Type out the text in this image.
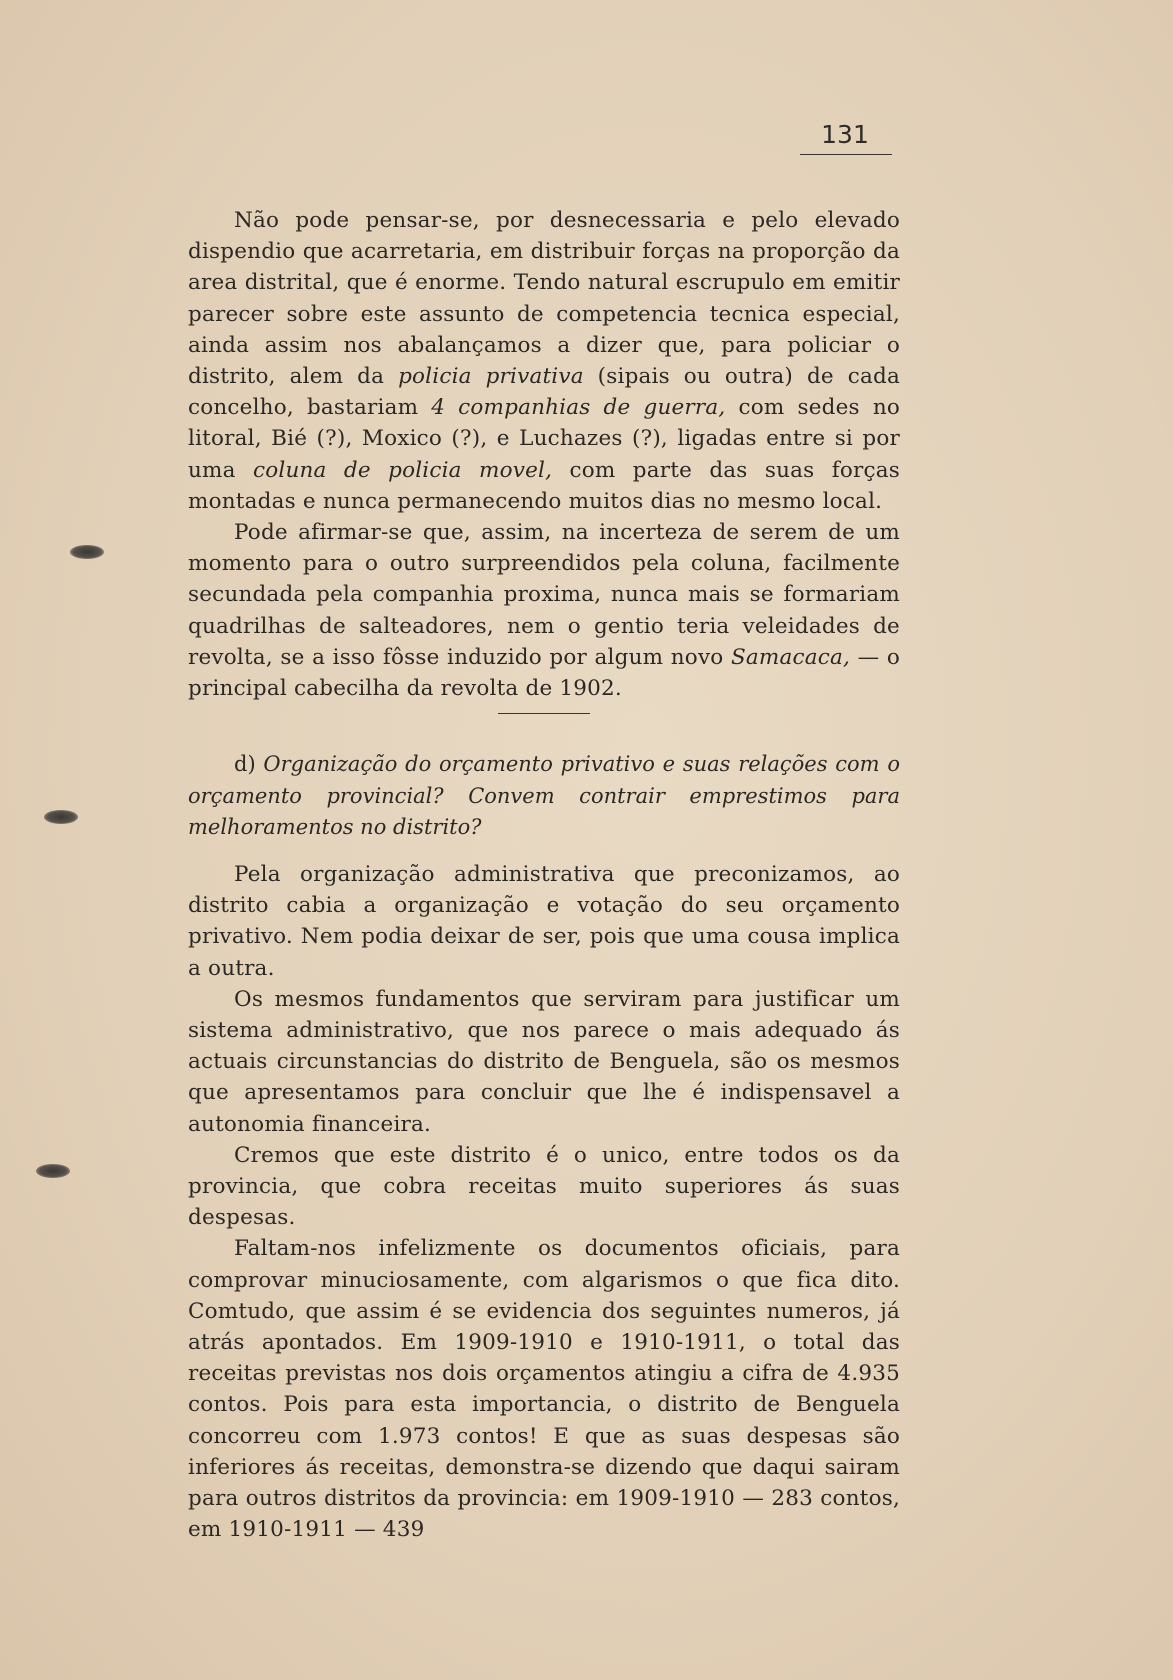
131

Não pode pensar-se, por desnecessaria e pelo elevado dispendio que acarretaria, em distribuir forças na proporção da area distrital, que é enorme. Tendo natural escrupulo em emitir parecer sobre este assunto de competencia tecnica especial, ainda assim nos abalançamos a dizer que, para policiar o distrito, alem da policia privativa (sipais ou outra) de cada concelho, bastariam 4 companhias de guerra, com sedes no litoral, Bié (?), Moxico (?), e Luchazes (?), ligadas entre si por uma coluna de policia movel, com parte das suas forças montadas e nunca permanecendo muitos dias no mesmo local.

Pode afirmar-se que, assim, na incerteza de serem de um momento para o outro surpreendidos pela coluna, facilmente secundada pela companhia proxima, nunca mais se formariam quadrilhas de salteadores, nem o gentio teria veleidades de revolta, se a isso fôsse induzido por algum novo Samacaca, — o principal cabecilha da revolta de 1902.

d) Organização do orçamento privativo e suas relações com o orçamento provincial? Convem contrair emprestimos para melhoramentos no distrito?

Pela organização administrativa que preconizamos, ao distrito cabia a organização e votação do seu orçamento privativo. Nem podia deixar de ser, pois que uma cousa implica a outra.

Os mesmos fundamentos que serviram para justificar um sistema administrativo, que nos parece o mais adequado ás actuais circunstancias do distrito de Benguela, são os mesmos que apresentamos para concluir que lhe é indispensavel a autonomia financeira.

Cremos que este distrito é o unico, entre todos os da provincia, que cobra receitas muito superiores ás suas despesas.

Faltam-nos infelizmente os documentos oficiais, para comprovar minuciosamente, com algarismos o que fica dito. Comtudo, que assim é se evidencia dos seguintes numeros, já atrás apontados. Em 1909-1910 e 1910-1911, o total das receitas previstas nos dois orçamentos atingiu a cifra de 4.935 contos. Pois para esta importancia, o distrito de Benguela concorreu com 1.973 contos! E que as suas despesas são inferiores ás receitas, demonstra-se dizendo que daqui sairam para outros distritos da provincia: em 1909-1910 — 283 contos, em 1910-1911 — 439
